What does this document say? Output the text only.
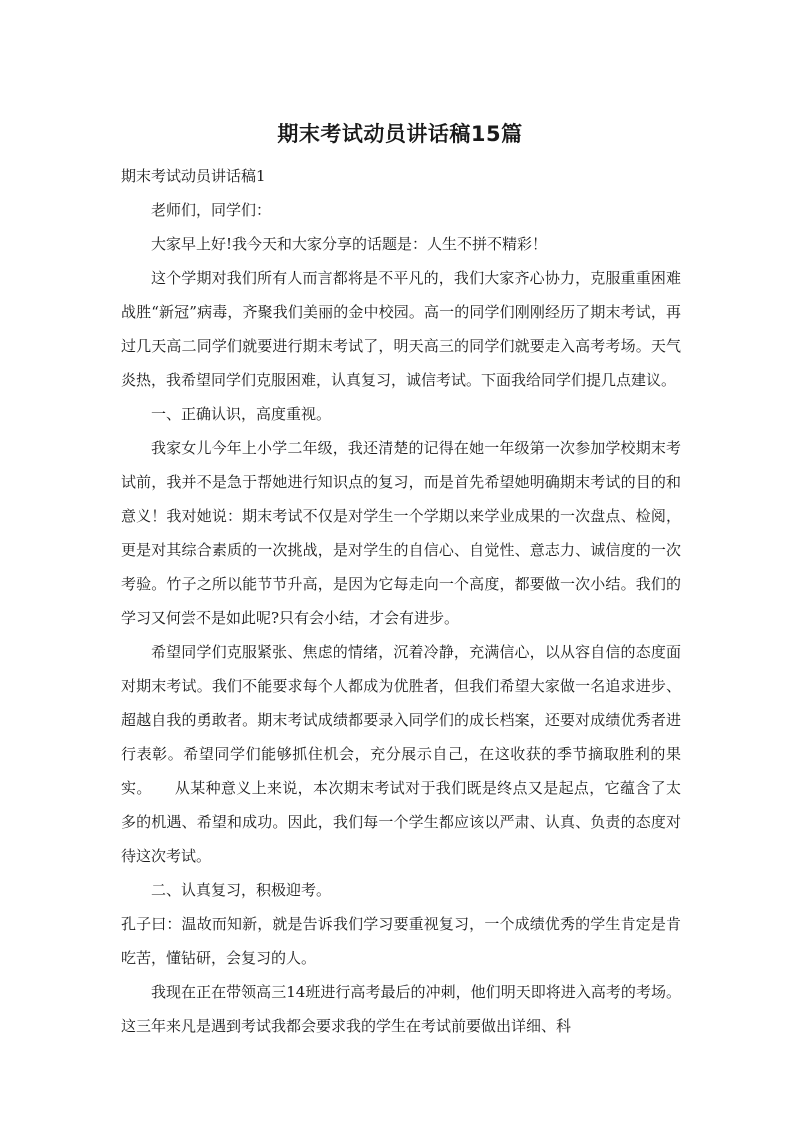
期末考试动员讲话稿15篇

期末考试动员讲话稿1

老师们，同学们：

大家早上好!我今天和大家分享的话题是：人生不拼不精彩！

这个学期对我们所有人而言都将是不平凡的，我们大家齐心协力，克服重重困难战胜“新冠”病毒，齐聚我们美丽的金中校园。高一的同学们刚刚经历了期末考试，再过几天高二同学们就要进行期末考试了，明天高三的同学们就要走入高考考场。天气炎热，我希望同学们克服困难，认真复习，诚信考试。下面我给同学们提几点建议。

一、正确认识，高度重视。

我家女儿今年上小学二年级，我还清楚的记得在她一年级第一次参加学校期末考试前，我并不是急于帮她进行知识点的复习，而是首先希望她明确期末考试的目的和意义！我对她说：期末考试不仅是对学生一个学期以来学业成果的一次盘点、检阅，更是对其综合素质的一次挑战，是对学生的自信心、自觉性、意志力、诚信度的一次考验。竹子之所以能节节升高，是因为它每走向一个高度，都要做一次小结。我们的学习又何尝不是如此呢?只有会小结，才会有进步。

希望同学们克服紧张、焦虑的情绪，沉着冷静，充满信心，以从容自信的态度面对期末考试。我们不能要求每个人都成为优胜者，但我们希望大家做一名追求进步、超越自我的勇敢者。期末考试成绩都要录入同学们的成长档案，还要对成绩优秀者进行表彰。希望同学们能够抓住机会，充分展示自己，在这收获的季节摘取胜利的果实。　　从某种意义上来说，本次期末考试对于我们既是终点又是起点，它蕴含了太多的机遇、希望和成功。因此，我们每一个学生都应该以严肃、认真、负责的态度对待这次考试。

二、认真复习，积极迎考。

孔子曰：温故而知新，就是告诉我们学习要重视复习，一个成绩优秀的学生肯定是肯吃苦，懂钻研，会复习的人。

我现在正在带领高三14班进行高考最后的冲刺，他们明天即将进入高考的考场。这三年来凡是遇到考试我都会要求我的学生在考试前要做出详细、科
